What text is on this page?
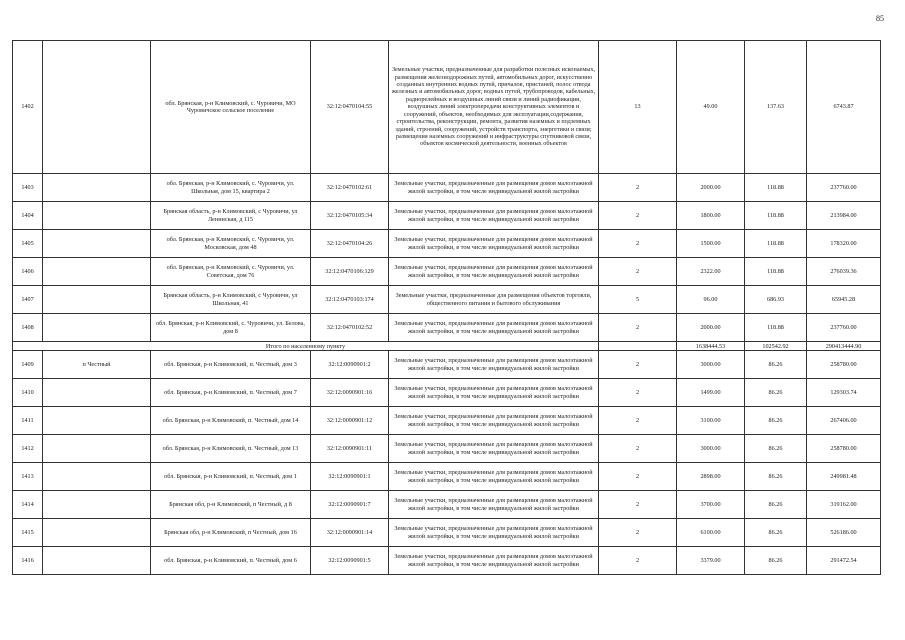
85
1402		обл. Брянская, р-н Климовский, с. Чуровичи, МО Чуровичское сельское поселение	32:12:0470104:55	Земельные участки, предназначенные для разработки полезных ископаемых, размещения железнодорожных путей, автомобильных дорог, искусственно созданных внутренних водных путей, причалов, пристаней, полос отвода железных и автомобильных дорог, водных путей, трубопроводов, кабельных, радиорелейных и воздушных линий связи и линий радиофикации, воздушных линий электропередачи конструктивных элементов и сооружений, объектов, необходимых для эксплуатации,содержания, строительства, реконструкции, ремонта, развития наземных и подземных зданий, строений, сооружений, устройств транспорта, энергетики и связи; размещения наземных сооружений и инфраструктуры спутниковой связи, объектов космической деятельности, военных объектов	13	49.00	137.63	6743.87
1403		обл. Брянская, р-н Климовский, с. Чуровичи, ул. Школьная, дом 15, квартира 2	32:12:0470102:61	Земельные участки, предназначенные для размещения домов малоэтажной жилой застройки, в том числе индивидуальной жилой застройки	2	2000.00	118.88	237760.00
1404		Брянская область, р-н Климовский, с Чуровичи, ул Ленинская, д 115	32:12:0470105:34	Земельные участки, предназначенные для размещения домов малоэтажной жилой застройки, в том числе индивидуальной жилой застройки	2	1800.00	118.88	213984.00
1405		обл. Брянская, р-н Климовский, с. Чуровичи, ул. Московская, дом 48	32:12:0470104:26	Земельные участки, предназначенные для размещения домов малоэтажной жилой застройки, в том числе индивидуальной жилой застройки	2	1500.00	118.88	178320.00
1406		обл. Брянская, р-н Климовский, с. Чуровичи, ул. Советская, дом 76	32:12:0470106:129	Земельные участки, предназначенные для размещения домов малоэтажной жилой застройки, в том числе индивидуальной жилой застройки	2	2322.00	118.88	276039.36
1407		Брянская область, р-н Климовский, с Чуровичи, ул Школьная, 41	32:12:0470103:174	Земельные участки, предназначенные для размещения объектов торговли, общественного питания и бытового обслуживания	5	96.00	686.93	65945.28
1408		обл. Брянская, р-н Климовский, с. Чуровичи, ул. Белова, дом 8	32:12:0470102:52	Земельные участки, предназначенные для размещения домов малоэтажной жилой застройки, в том числе индивидуальной жилой застройки	2	2000.00	118.88	237760.00
Итого по населенному пункту						1638444.53	102542.92	290413444.90
1409	п Честный	обл. Брянская, р-н Климовский, п. Честный, дом 3	32:12:0090901:2	Земельные участки, предназначенные для размещения домов малоэтажной жилой застройки, в том числе индивидуальной жилой застройки	2	3000.00	86.26	258780.00
1410		обл. Брянская, р-н Климовский, п. Честный, дом 7	32:12:0090901:16	Земельные участки, предназначенные для размещения домов малоэтажной жилой застройки, в том числе индивидуальной жилой застройки	2	1499.00	86.26	129303.74
1411		обл. Брянская, р-н Климовский, п. Честный, дом 14	32:12:0090901:12	Земельные участки, предназначенные для размещения домов малоэтажной жилой застройки, в том числе индивидуальной жилой застройки	2	3100.00	86.26	267406.00
1412		обл. Брянская, р-н Климовский, п. Честный, дом 13	32:12:0090901:11	Земельные участки, предназначенные для размещения домов малоэтажной жилой застройки, в том числе индивидуальной жилой застройки	2	3000.00	86.26	258780.00
1413		обл. Брянская, р-н Климовский, п. Честный, дом 1	32:12:0090901:1	Земельные участки, предназначенные для размещения домов малоэтажной жилой застройки, в том числе индивидуальной жилой застройки	2	2898.00	86.26	249981.48
1414		Брянская обл, р-н Климовский, п Честный, д 8	32:12:0090901:7	Земельные участки, предназначенные для размещения домов малоэтажной жилой застройки, в том числе индивидуальной жилой застройки	2	3700.00	86.26	319162.00
1415		Брянская обл, р-н Климовский, п Честный, дом 16	32:12:0090901:14	Земельные участки, предназначенные для размещения домов малоэтажной жилой застройки, в том числе индивидуальной жилой застройки	2	6100.00	86.26	526186.00
1416		обл. Брянская, р-н Климовский, п. Честный, дом 6	32:12:0090901:5	Земельные участки, предназначенные для размещения домов малоэтажной жилой застройки, в том числе индивидуальной жилой застройки	2	3379.00	86.26	291472.54
